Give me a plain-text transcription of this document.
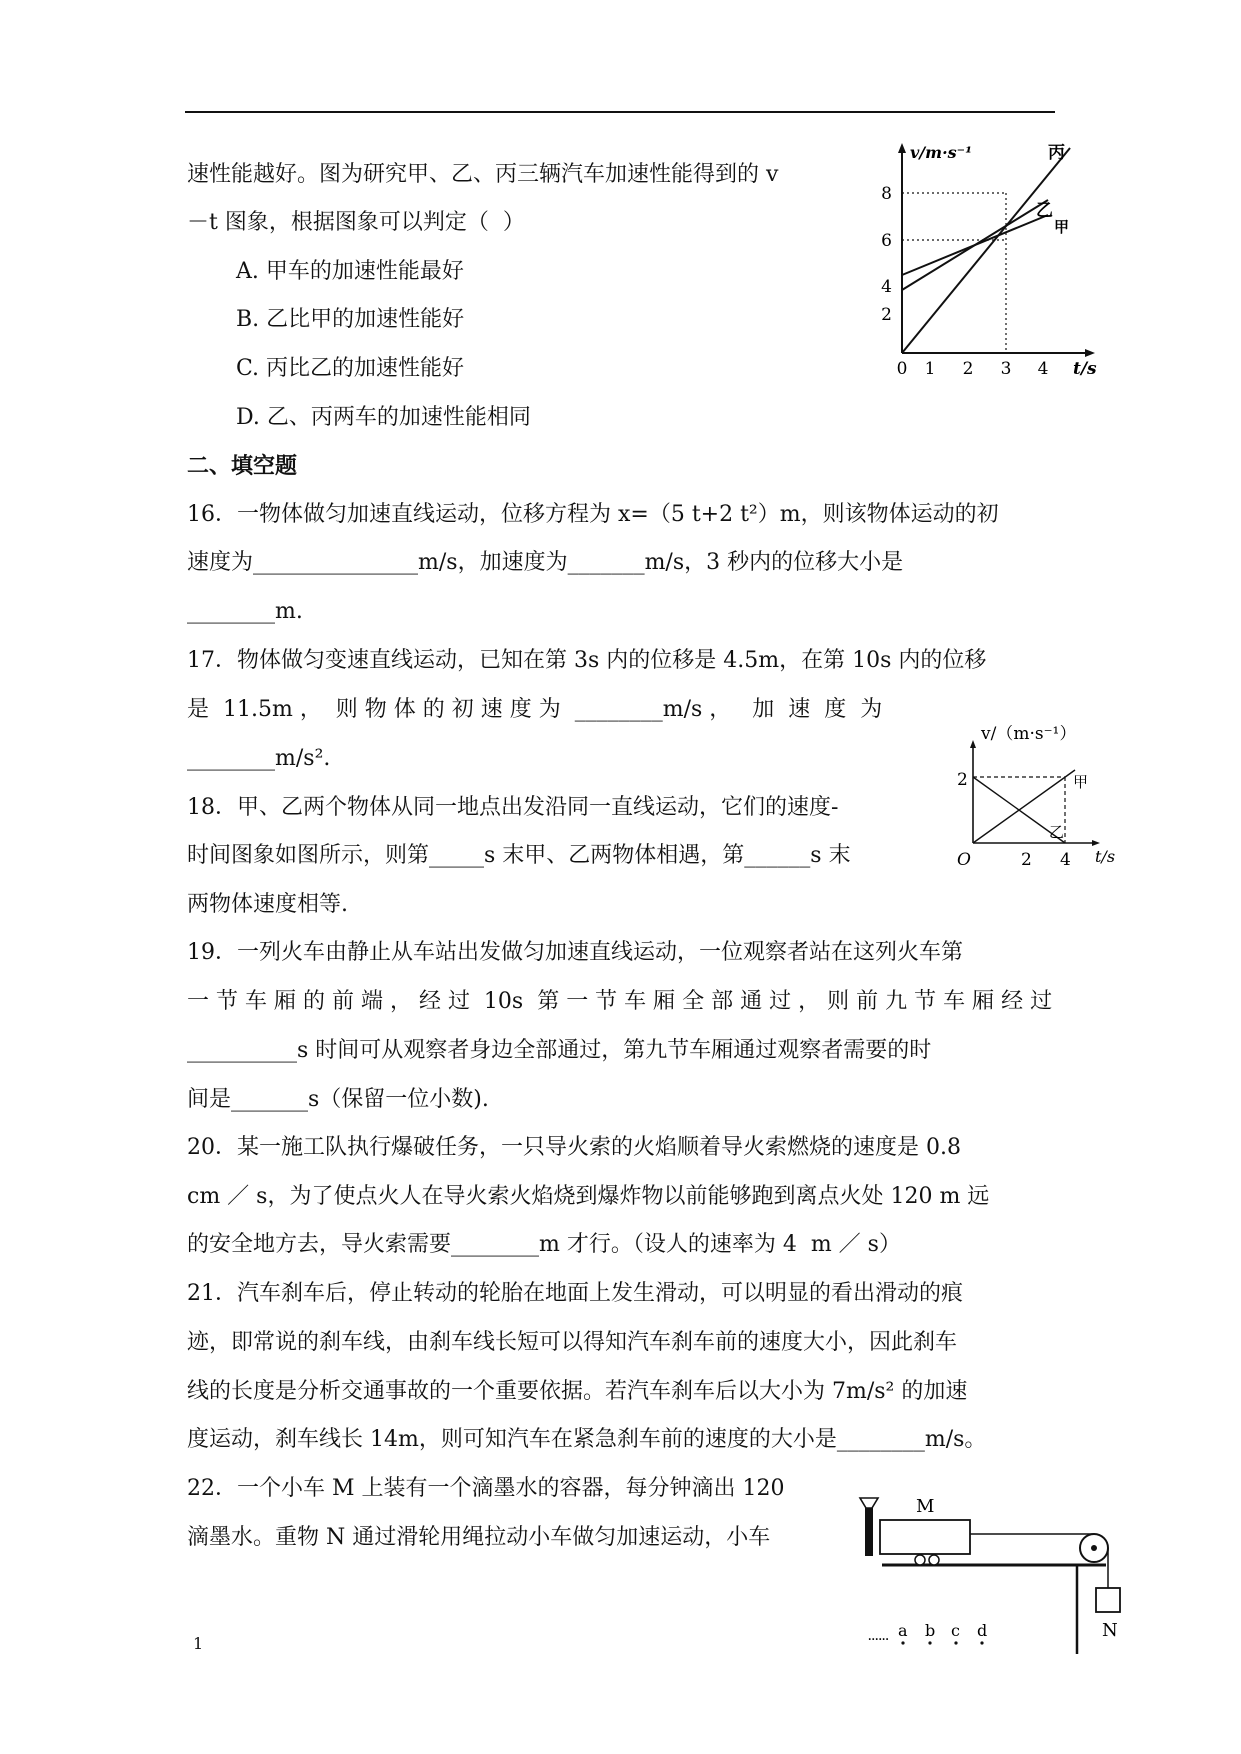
速性能越好。图为研究甲、乙、丙三辆汽车加速性能得到的 v
－t 图象，根据图象可以判定（  ）
A. 甲车的加速性能最好
B. 乙比甲的加速性能好
C. 丙比乙的加速性能好
D. 乙、丙两车的加速性能相同
二、填空题
16．一物体做匀加速直线运动，位移方程为 x=（5 t+2 t²）m，则该物体运动的初
速度为_______________m/s，加速度为_______m/s，3 秒内的位移大小是
________m.
17．物体做匀变速直线运动，已知在第 3s 内的位移是 4.5m，在第 10s 内的位移
是  11.5m ，  则 物 体 的 初 速 度 为  ________m/s ，   加  速  度  为
________m/s².
18．甲、乙两个物体从同一地点出发沿同一直线运动，它们的速度-
时间图象如图所示，则第_____s 末甲、乙两物体相遇，第______s 末
两物体速度相等.
19．一列火车由静止从车站出发做匀加速直线运动，一位观察者站在这列火车第
一 节 车 厢 的 前 端 ， 经 过  10s  第 一 节 车 厢 全 部 通 过 ， 则 前 九 节 车 厢 经 过
__________s 时间可从观察者身边全部通过，第九节车厢通过观察者需要的时
间是_______s（保留一位小数).
20．某一施工队执行爆破任务，一只导火索的火焰顺着导火索燃烧的速度是 0.8
cm ／ s，为了使点火人在导火索火焰烧到爆炸物以前能够跑到离点火处 120 m 远
的安全地方去，导火索需要________m 才行。（设人的速率为 4  m ／ s）
21．汽车刹车后，停止转动的轮胎在地面上发生滑动，可以明显的看出滑动的痕
迹，即常说的刹车线，由刹车线长短可以得知汽车刹车前的速度大小，因此刹车
线的长度是分析交通事故的一个重要依据。若汽车刹车后以大小为 7m/s² 的加速
度运动，刹车线长 14m，则可知汽车在紧急刹车前的速度的大小是________m/s。
22．一个小车 M 上装有一个滴墨水的容器，每分钟滴出 120
滴墨水。重物 N 通过滑轮用绳拉动小车做匀加速运动，小车
1
0 1 2 3 4 t/s
2
4
6
8
v/m·s⁻¹	丙
乙
甲
v/（m·s⁻¹）
2
O	2 4 t/s
甲
乙
M
N
...... a b c d
